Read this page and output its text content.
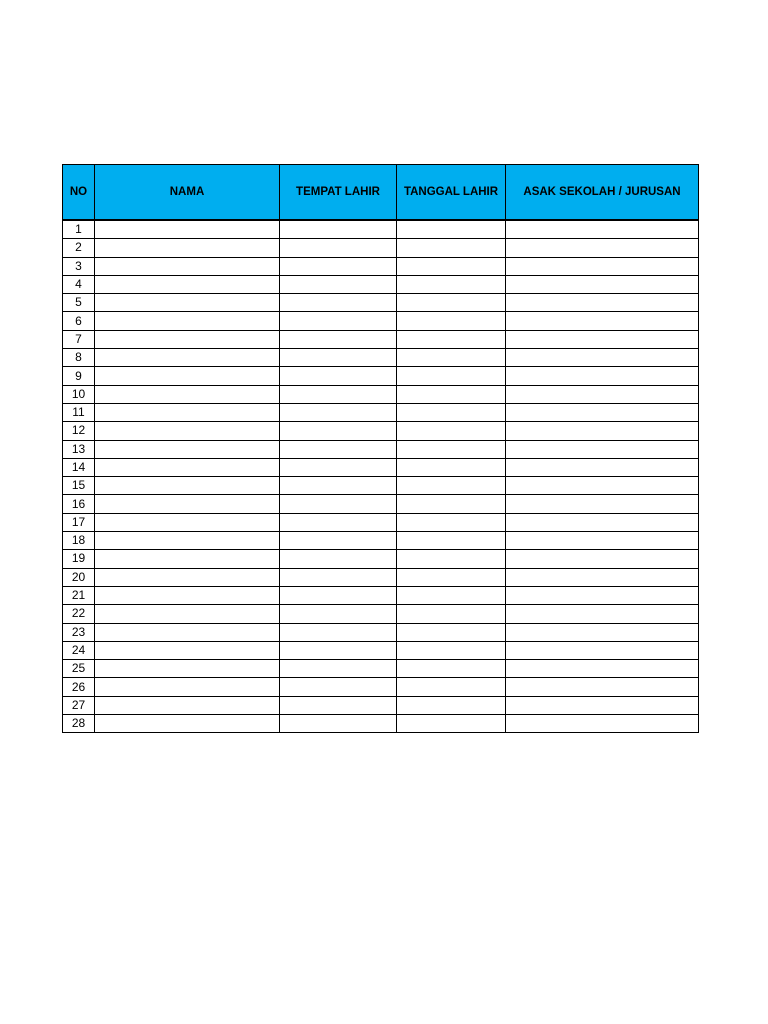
NO	NAMA	TEMPAT LAHIR	TANGGAL LAHIR	ASAK SEKOLAH / JURUSAN
1				
2				
3				
4				
5				
6				
7				
8				
9				
10				
11				
12				
13				
14				
15				
16				
17				
18				
19				
20				
21				
22				
23				
24				
25				
26				
27				
28				
